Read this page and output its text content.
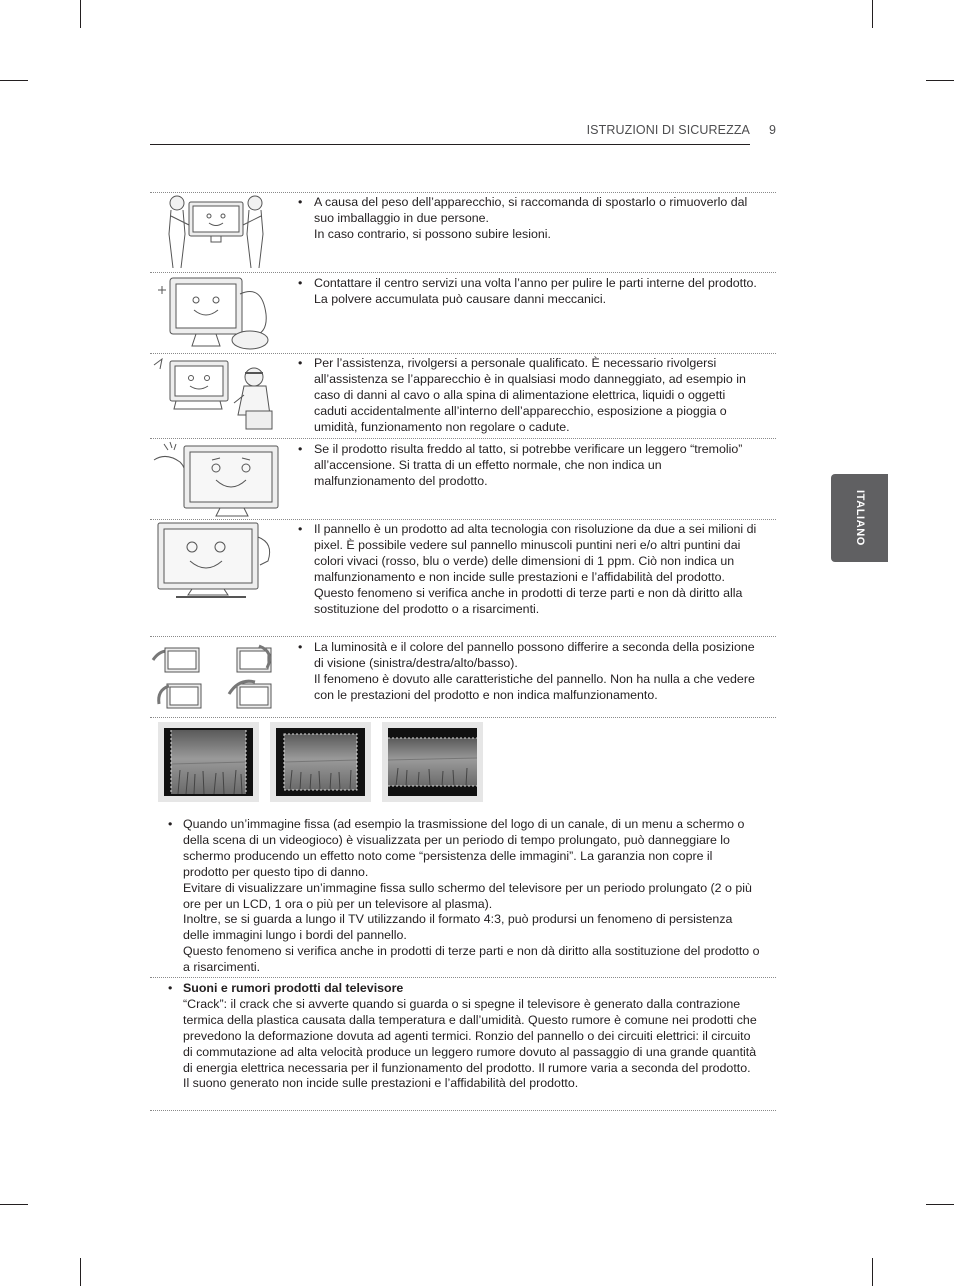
ISTRUZIONI DI SICUREZZA 9
ITALIANO
• A causa del peso dell’apparecchio, si raccomanda di spostarlo o rimuoverlo dal suo imballaggio in due persone.
In caso contrario, si possono subire lesioni.
• Contattare il centro servizi una volta l’anno per pulire le parti interne del prodotto.
La polvere accumulata può causare danni meccanici.
• Per l’assistenza, rivolgersi a personale qualificato. È necessario rivolgersi all’assistenza se l’apparecchio è in qualsiasi modo danneggiato, ad esempio in caso di danni al cavo o alla spina di alimentazione elettrica, liquidi o oggetti caduti accidentalmente all’interno dell’apparecchio, esposizione a pioggia o umidità, funzionamento non regolare o cadute.
• Se il prodotto risulta freddo al tatto, si potrebbe verificare un leggero “tremolio” all’accensione. Si tratta di un effetto normale, che non indica un malfunzionamento del prodotto.
• Il pannello è un prodotto ad alta tecnologia con risoluzione da due a sei milioni di pixel. È possibile vedere sul pannello minuscoli puntini neri e/o altri puntini dai colori vivaci (rosso, blu o verde) delle dimensioni di 1 ppm. Ciò non indica un malfunzionamento e non incide sulle prestazioni e l’affidabilità del prodotto.
Questo fenomeno si verifica anche in prodotti di terze parti e non dà diritto alla sostituzione del prodotto o a risarcimenti.
• La luminosità e il colore del pannello possono differire a seconda della posizione di visione (sinistra/destra/alto/basso).
Il fenomeno è dovuto alle caratteristiche del pannello. Non ha nulla a che vedere con le prestazioni del prodotto e non indica malfunzionamento.
• Quando un’immagine fissa (ad esempio la trasmissione del logo di un canale, di un menu a schermo o della scena di un videogioco) è visualizzata per un periodo di tempo prolungato, può danneggiare lo schermo producendo un effetto noto come “persistenza delle immagini”. La garanzia non copre il prodotto per questo tipo di danno.
Evitare di visualizzare un’immagine fissa sullo schermo del televisore per un periodo prolungato (2 o più ore per un LCD, 1 ora o più per un televisore al plasma).
Inoltre, se si guarda a lungo il TV utilizzando il formato 4:3, può prodursi un fenomeno di persistenza delle immagini lungo i bordi del pannello.
Questo fenomeno si verifica anche in prodotti di terze parti e non dà diritto alla sostituzione del prodotto o a risarcimenti.
• Suoni e rumori prodotti dal televisore
“Crack”: il crack che si avverte quando si guarda o si spegne il televisore è generato dalla contrazione termica della plastica causata dalla temperatura e dall’umidità. Questo rumore è comune nei prodotti che prevedono la deformazione dovuta ad agenti termici. Ronzio del pannello o dei circuiti elettrici: il circuito di commutazione ad alta velocità produce un leggero rumore dovuto al passaggio di una grande quantità di energia elettrica necessaria per il funzionamento del prodotto. Il rumore varia a seconda del prodotto.
Il suono generato non incide sulle prestazioni e l’affidabilità del prodotto.
